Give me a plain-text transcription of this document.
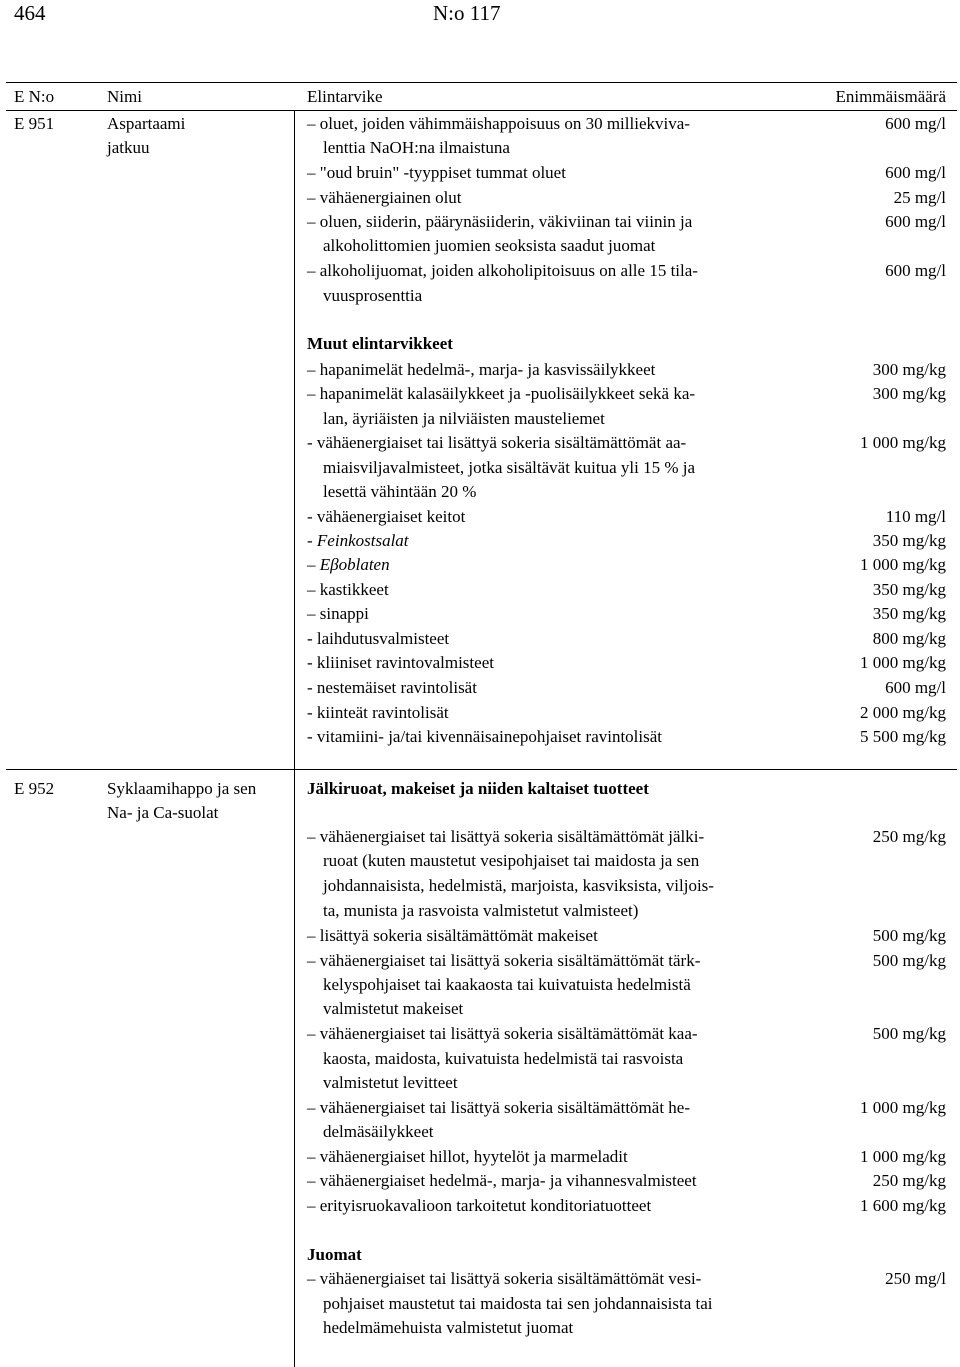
464	N:o 117
E N:o	Nimi	Elintarvike	Enimmäismäärä
E 951	Aspartaami
jatkuu
– oluet, joiden vähimmäishappoisuus on 30 milliekviva-	600 mg/l
lenttia NaOH:na ilmaistuna
– "oud bruin" -tyyppiset tummat oluet	600 mg/l
– vähäenergiainen olut	25 mg/l
– oluen, siiderin, päärynäsiiderin, väkiviinan tai viinin ja	600 mg/l
alkoholittomien juomien seoksista saadut juomat
– alkoholijuomat, joiden alkoholipitoisuus on alle 15 tila-	600 mg/l
vuusprosenttia
Muut elintarvikkeet
– hapanimelät hedelmä-, marja- ja kasvissäilykkeet	300 mg/kg
– hapanimelät kalasäilykkeet ja -puolisäilykkeet sekä ka-	300 mg/kg
lan, äyriäisten ja nilviäisten mausteliemet
- vähäenergiaiset tai lisättyä sokeria sisältämättömät aa-	1 000 mg/kg
miaisviljavalmisteet, jotka sisältävät kuitua yli 15 % ja
lesettä vähintään 20 %
- vähäenergiaiset keitot	110 mg/l
- Feinkostsalat	350 mg/kg
– Eβoblaten	1 000 mg/kg
– kastikkeet	350 mg/kg
– sinappi	350 mg/kg
- laihdutusvalmisteet	800 mg/kg
- kliiniset ravintovalmisteet	1 000 mg/kg
- nestemäiset ravintolisät	600 mg/l
- kiinteät ravintolisät	2 000 mg/kg
- vitamiini- ja/tai kivennäisainepohjaiset ravintolisät	5 500 mg/kg
E 952	Syklaamihappo ja sen
Na- ja Ca-suolat
Jälkiruoat, makeiset ja niiden kaltaiset tuotteet
– vähäenergiaiset tai lisättyä sokeria sisältämättömät jälki-	250 mg/kg
ruoat (kuten maustetut vesipohjaiset tai maidosta ja sen
johdannaisista, hedelmistä, marjoista, kasviksista, viljois-
ta, munista ja rasvoista valmistetut valmisteet)
– lisättyä sokeria sisältämättömät makeiset	500 mg/kg
– vähäenergiaiset tai lisättyä sokeria sisältämättömät tärk-	500 mg/kg
kelyspohjaiset tai kaakaosta tai kuivatuista hedelmistä
valmistetut makeiset
– vähäenergiaiset tai lisättyä sokeria sisältämättömät kaa-	500 mg/kg
kaosta, maidosta, kuivatuista hedelmistä tai rasvoista
valmistetut levitteet
– vähäenergiaiset tai lisättyä sokeria sisältämättömät he-	1 000 mg/kg
delmäsäilykkeet
– vähäenergiaiset hillot, hyytelöt ja marmeladit	1 000 mg/kg
– vähäenergiaiset hedelmä-, marja- ja vihannesvalmisteet	250 mg/kg
– erityisruokavalioon tarkoitetut konditoriatuotteet	1 600 mg/kg
Juomat
– vähäenergiaiset tai lisättyä sokeria sisältämättömät vesi-	250 mg/l
pohjaiset maustetut tai maidosta tai sen johdannaisista tai
hedelmämehuista valmistetut juomat
